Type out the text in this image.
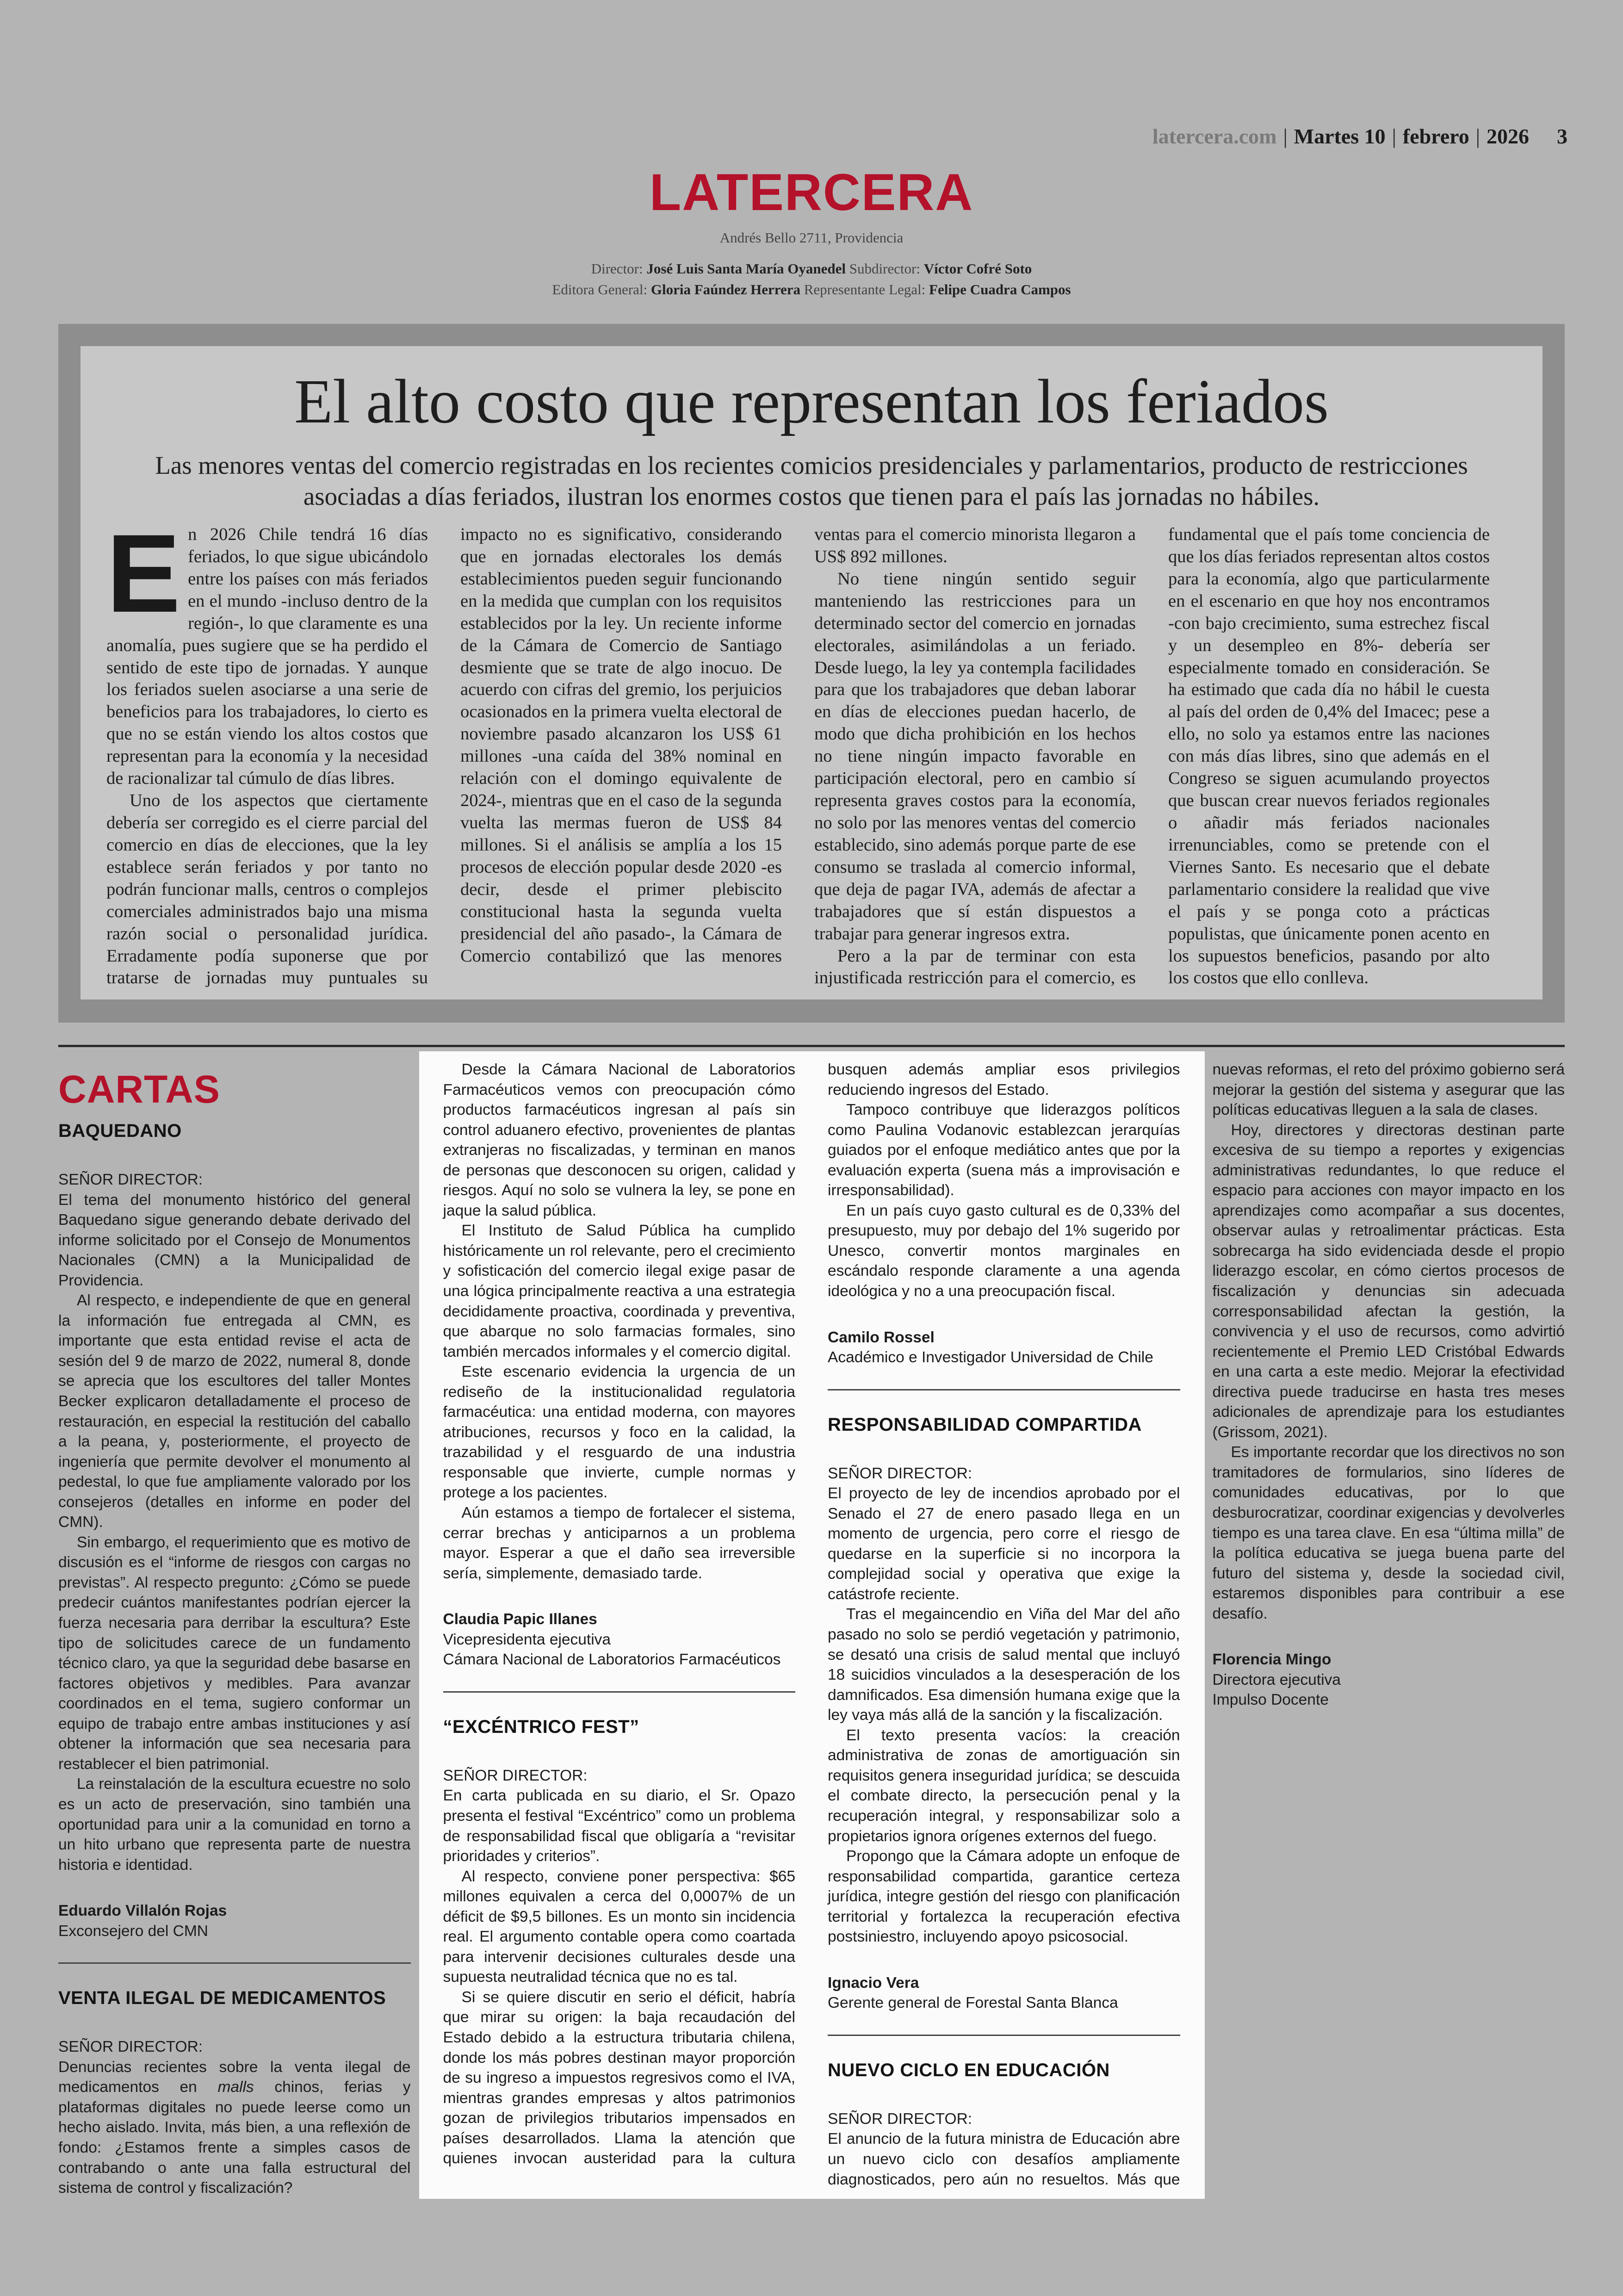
latercera.com | Martes 10 | febrero | 2026 3
LATERCERA
Andrés Bello 2711, Providencia
Director: José Luis Santa María Oyanedel Subdirector: Víctor Cofré Soto
Editora General: Gloria Faúndez Herrera Representante Legal: Felipe Cuadra Campos
El alto costo que representan los feriados
Las menores ventas del comercio registradas en los recientes comicios presidenciales y parlamentarios, producto de restricciones asociadas a días feriados, ilustran los enormes costos que tienen para el país las jornadas no hábiles.

En 2026 Chile tendrá 16 días feriados, lo que sigue ubicándolo entre los países con más feriados en el mundo -incluso dentro de la región-, lo que claramente es una anomalía, pues sugiere que se ha perdido el sentido de este tipo de jornadas. Y aunque los feriados suelen asociarse a una serie de beneficios para los trabajadores, lo cierto es que no se están viendo los altos costos que representan para la economía y la necesidad de racionalizar tal cúmulo de días libres.

Uno de los aspectos que ciertamente debería ser corregido es el cierre parcial del comercio en días de elecciones, que la ley establece serán feriados y por tanto no podrán funcionar malls, centros o complejos comerciales administrados bajo una misma razón social o personalidad jurídica. Erradamente podía suponerse que por tratarse de jornadas muy puntuales su impacto no es significativo, considerando que en jornadas electorales los demás establecimientos pueden seguir funcionando en la medida que cumplan con los requisitos establecidos por la ley. Un reciente informe de la Cámara de Comercio de Santiago desmiente que se trate de algo inocuo. De acuerdo con cifras del gremio, los perjuicios ocasionados en la primera vuelta electoral de noviembre pasado alcanzaron los US$ 61 millones -una caída del 38% nominal en relación con el domingo equivalente de 2024-, mientras que en el caso de la segunda vuelta las mermas fueron de US$ 84 millones. Si el análisis se amplía a los 15 procesos de elección popular desde 2020 -es decir, desde el primer plebiscito constitucional hasta la segunda vuelta presidencial del año pasado-, la Cámara de Comercio contabilizó que las menores ventas para el comercio minorista llegaron a US$ 892 millones.

No tiene ningún sentido seguir manteniendo las restricciones para un determinado sector del comercio en jornadas electorales, asimilándolas a un feriado. Desde luego, la ley ya contempla facilidades para que los trabajadores que deban laborar en días de elecciones puedan hacerlo, de modo que dicha prohibición en los hechos no tiene ningún impacto favorable en participación electoral, pero en cambio sí representa graves costos para la economía, no solo por las menores ventas del comercio establecido, sino además porque parte de ese consumo se traslada al comercio informal, que deja de pagar IVA, además de afectar a trabajadores que sí están dispuestos a trabajar para generar ingresos extra.

Pero a la par de terminar con esta injustificada restricción para el comercio, es fundamental que el país tome conciencia de que los días feriados representan altos costos para la economía, algo que particularmente en el escenario en que hoy nos encontramos -con bajo crecimiento, suma estrechez fiscal y un desempleo en 8%- debería ser especialmente tomado en consideración. Se ha estimado que cada día no hábil le cuesta al país del orden de 0,4% del Imacec; pese a ello, no solo ya estamos entre las naciones con más días libres, sino que además en el Congreso se siguen acumulando proyectos que buscan crear nuevos feriados regionales o añadir más feriados nacionales irrenunciables, como se pretende con el Viernes Santo. Es necesario que el debate parlamentario considere la realidad que vive el país y se ponga coto a prácticas populistas, que únicamente ponen acento en los supuestos beneficios, pasando por alto los costos que ello conlleva.

CARTAS
BAQUEDANO

SEÑOR DIRECTOR:

El tema del monumento histórico del general Baquedano sigue generando debate derivado del informe solicitado por el Consejo de Monumentos Nacionales (CMN) a la Municipalidad de Providencia.

Al respecto, e independiente de que en general la información fue entregada al CMN, es importante que esta entidad revise el acta de sesión del 9 de marzo de 2022, numeral 8, donde se aprecia que los escultores del taller Montes Becker explicaron detalladamente el proceso de restauración, en especial la restitución del caballo a la peana, y, posteriormente, el proyecto de ingeniería que permite devolver el monumento al pedestal, lo que fue ampliamente valorado por los consejeros (detalles en informe en poder del CMN).

Sin embargo, el requerimiento que es motivo de discusión es el “informe de riesgos con cargas no previstas”. Al respecto pregunto: ¿Cómo se puede predecir cuántos manifestantes podrían ejercer la fuerza necesaria para derribar la escultura? Este tipo de solicitudes carece de un fundamento técnico claro, ya que la seguridad debe basarse en factores objetivos y medibles. Para avanzar coordinados en el tema, sugiero conformar un equipo de trabajo entre ambas instituciones y así obtener la información que sea necesaria para restablecer el bien patrimonial.

La reinstalación de la escultura ecuestre no solo es un acto de preservación, sino también una oportunidad para unir a la comunidad en torno a un hito urbano que representa parte de nuestra historia e identidad.

Eduardo Villalón Rojas

Exconsejero del CMN

VENTA ILEGAL DE MEDICAMENTOS

SEÑOR DIRECTOR:

Denuncias recientes sobre la venta ilegal de medicamentos en malls chinos, ferias y plataformas digitales no puede leerse como un hecho aislado. Invita, más bien, a una reflexión de fondo: ¿Estamos frente a simples casos de contrabando o ante una falla estructural del sistema de control y fiscalización?

Desde la Cámara Nacional de Laboratorios Farmacéuticos vemos con preocupación cómo productos farmacéuticos ingresan al país sin control aduanero efectivo, provenientes de plantas extranjeras no fiscalizadas, y terminan en manos de personas que desconocen su origen, calidad y riesgos. Aquí no solo se vulnera la ley, se pone en jaque la salud pública.

El Instituto de Salud Pública ha cumplido históricamente un rol relevante, pero el crecimiento y sofisticación del comercio ilegal exige pasar de una lógica principalmente reactiva a una estrategia decididamente proactiva, coordinada y preventiva, que abarque no solo farmacias formales, sino también mercados informales y el comercio digital.

Este escenario evidencia la urgencia de un rediseño de la institucionalidad regulatoria farmacéutica: una entidad moderna, con mayores atribuciones, recursos y foco en la calidad, la trazabilidad y el resguardo de una industria responsable que invierte, cumple normas y protege a los pacientes.

Aún estamos a tiempo de fortalecer el sistema, cerrar brechas y anticiparnos a un problema mayor. Esperar a que el daño sea irreversible sería, simplemente, demasiado tarde.

Claudia Papic Illanes

Vicepresidenta ejecutiva

Cámara Nacional de Laboratorios Farmacéuticos

“EXCÉNTRICO FEST”

SEÑOR DIRECTOR:

En carta publicada en su diario, el Sr. Opazo presenta el festival “Excéntrico” como un problema de responsabilidad fiscal que obligaría a “revisitar prioridades y criterios”.

Al respecto, conviene poner perspectiva: $65 millones equivalen a cerca del 0,0007% de un déficit de $9,5 billones. Es un monto sin incidencia real. El argumento contable opera como coartada para intervenir decisiones culturales desde una supuesta neutralidad técnica que no es tal.

Si se quiere discutir en serio el déficit, habría que mirar su origen: la baja recaudación del Estado debido a la estructura tributaria chilena, donde los más pobres destinan mayor proporción de su ingreso a impuestos regresivos como el IVA, mientras grandes empresas y altos patrimonios gozan de privilegios tributarios impensados en países desarrollados. Llama la atención que quienes invocan austeridad para la cultura busquen además ampliar esos privilegios reduciendo ingresos del Estado.

Tampoco contribuye que liderazgos políticos como Paulina Vodanovic establezcan jerarquías guiados por el enfoque mediático antes que por la evaluación experta (suena más a improvisación e irresponsabilidad).

En un país cuyo gasto cultural es de 0,33% del presupuesto, muy por debajo del 1% sugerido por Unesco, convertir montos marginales en escándalo responde claramente a una agenda ideológica y no a una preocupación fiscal.

Camilo Rossel

Académico e Investigador Universidad de Chile

RESPONSABILIDAD COMPARTIDA

SEÑOR DIRECTOR:

El proyecto de ley de incendios aprobado por el Senado el 27 de enero pasado llega en un momento de urgencia, pero corre el riesgo de quedarse en la superficie si no incorpora la complejidad social y operativa que exige la catástrofe reciente.

Tras el megaincendio en Viña del Mar del año pasado no solo se perdió vegetación y patrimonio, se desató una crisis de salud mental que incluyó 18 suicidios vinculados a la desesperación de los damnificados. Esa dimensión humana exige que la ley vaya más allá de la sanción y la fiscalización.

El texto presenta vacíos: la creación administrativa de zonas de amortiguación sin requisitos genera inseguridad jurídica; se descuida el combate directo, la persecución penal y la recuperación integral, y responsabilizar solo a propietarios ignora orígenes externos del fuego.

Propongo que la Cámara adopte un enfoque de responsabilidad compartida, garantice certeza jurídica, integre gestión del riesgo con planificación territorial y fortalezca la recuperación efectiva postsiniestro, incluyendo apoyo psicosocial.

Ignacio Vera

Gerente general de Forestal Santa Blanca

NUEVO CICLO EN EDUCACIÓN

SEÑOR DIRECTOR:

El anuncio de la futura ministra de Educación abre un nuevo ciclo con desafíos ampliamente diagnosticados, pero aún no resueltos. Más que nuevas reformas, el reto del próximo gobierno será mejorar la gestión del sistema y asegurar que las políticas educativas lleguen a la sala de clases.

Hoy, directores y directoras destinan parte excesiva de su tiempo a reportes y exigencias administrativas redundantes, lo que reduce el espacio para acciones con mayor impacto en los aprendizajes como acompañar a sus docentes, observar aulas y retroalimentar prácticas. Esta sobrecarga ha sido evidenciada desde el propio liderazgo escolar, en cómo ciertos procesos de fiscalización y denuncias sin adecuada corresponsabilidad afectan la gestión, la convivencia y el uso de recursos, como advirtió recientemente el Premio LED Cristóbal Edwards en una carta a este medio. Mejorar la efectividad directiva puede traducirse en hasta tres meses adicionales de aprendizaje para los estudiantes (Grissom, 2021).

Es importante recordar que los directivos no son tramitadores de formularios, sino líderes de comunidades educativas, por lo que desburocratizar, coordinar exigencias y devolverles tiempo es una tarea clave. En esa “última milla” de la política educativa se juega buena parte del futuro del sistema y, desde la sociedad civil, estaremos disponibles para contribuir a ese desafío.

Florencia Mingo

Directora ejecutiva

Impulso Docente
